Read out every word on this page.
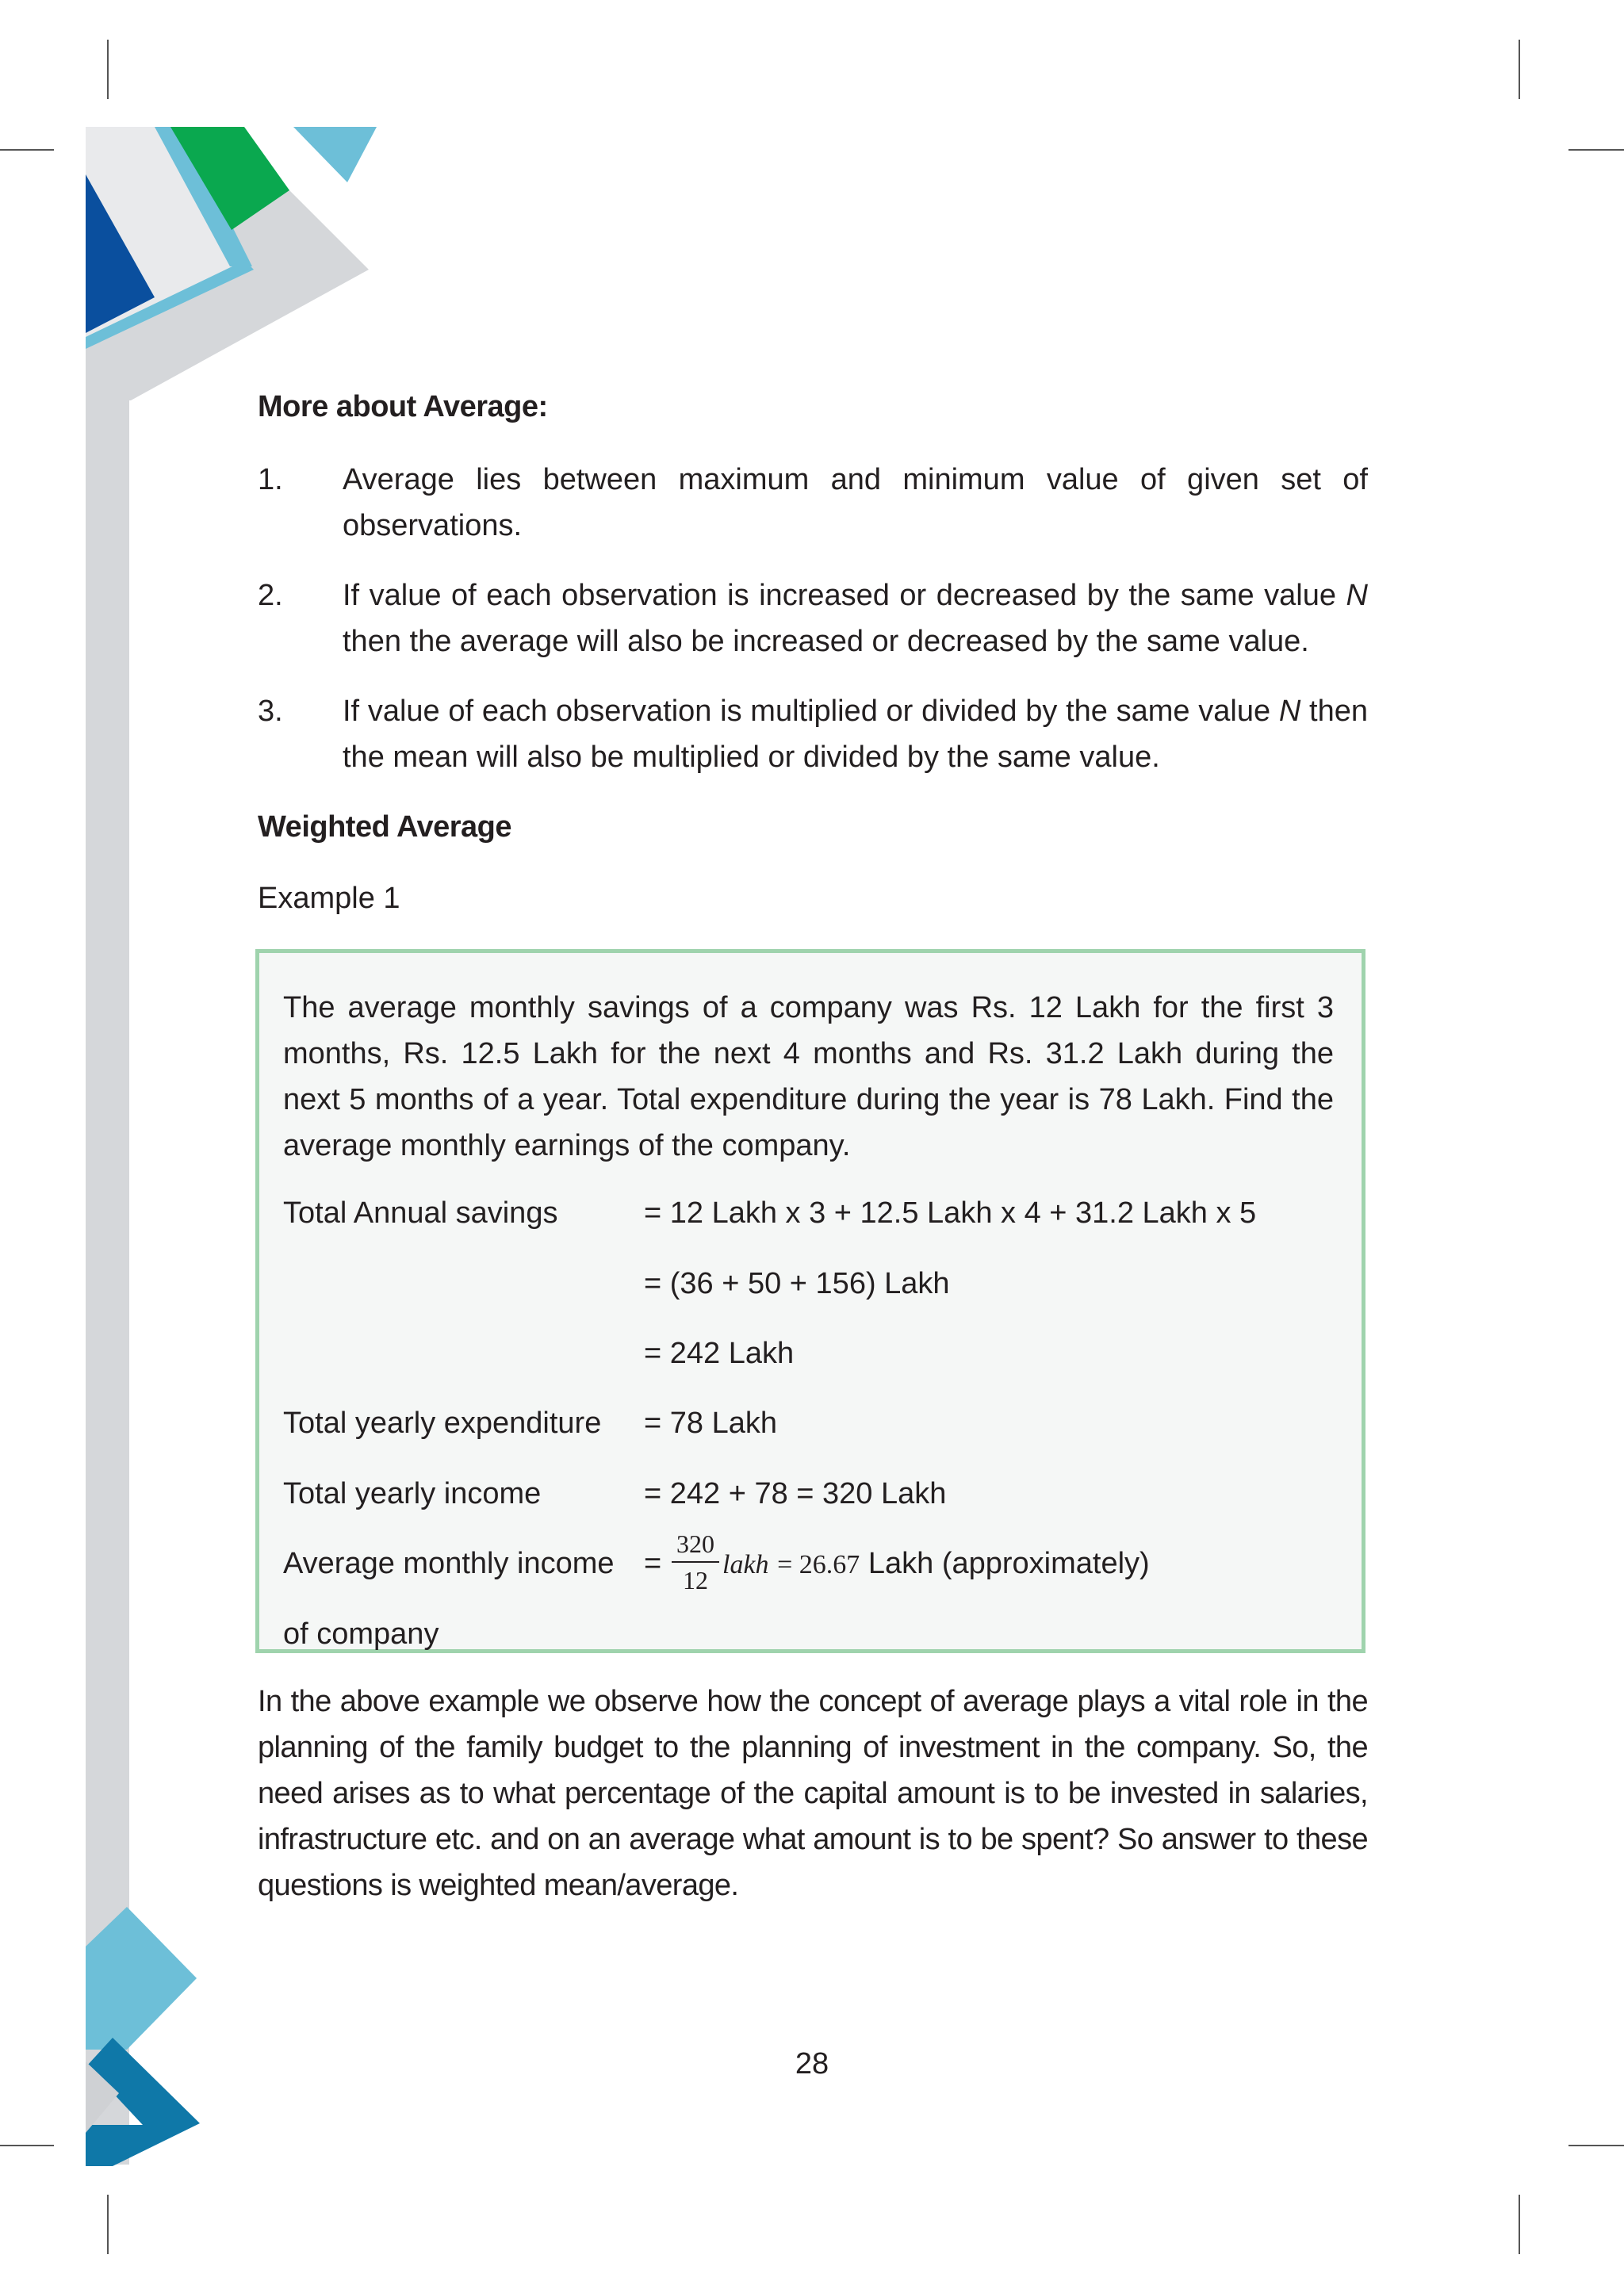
More about Average:
1. Average lies between maximum and minimum value of given set of observations.
2. If value of each observation is increased or decreased by the same value N then the average will also be increased or decreased by the same value.
3. If value of each observation is multiplied or divided by the same value N then the mean will also be multiplied or divided by the same value.
Weighted Average
Example 1
The average monthly savings of a company was Rs. 12 Lakh for the first 3 months, Rs. 12.5 Lakh for the next 4 months and Rs. 31.2 Lakh during the next 5 months of a year. Total expenditure during the year is 78 Lakh. Find the average monthly earnings of the company.
Total Annual savings	= 12 Lakh x 3 + 12.5 Lakh x 4 + 31.2 Lakh x 5
= (36 + 50 + 156) Lakh
= 242 Lakh
Total yearly expenditure = 78 Lakh
Total yearly income	= 242 + 78 = 320 Lakh
Average monthly income =
320
12
lakh = 26.67 Lakh (approximately)
of company
In the above example we observe how the concept of average plays a vital role in the planning of the family budget to the planning of investment in the company. So, the need arises as to what percentage of the capital amount is to be invested in salaries, infrastructure etc. and on an average what amount is to be spent? So answer to these questions is weighted mean/average.
28
